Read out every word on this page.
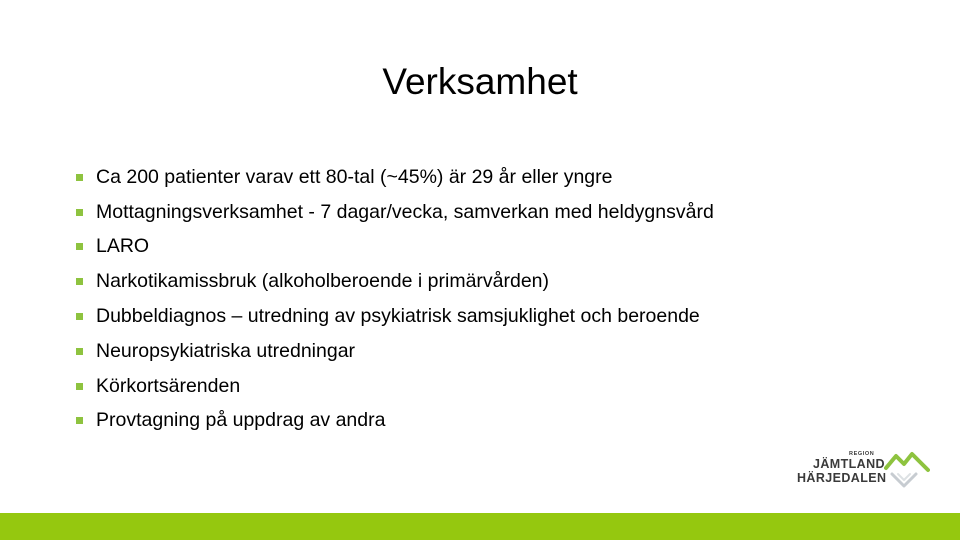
Verksamhet
Ca 200 patienter varav ett 80-tal (~45%) är 29 år eller yngre
Mottagningsverksamhet - 7 dagar/vecka, samverkan med heldygnsvård
LARO
Narkotikamissbruk (alkoholberoende i primärvården)
Dubbeldiagnos – utredning av psykiatrisk samsjuklighet och beroende
Neuropsykiatriska utredningar
Körkortsärenden
Provtagning på uppdrag av andra
REGION
JÄMTLAND
HÄRJEDALEN
